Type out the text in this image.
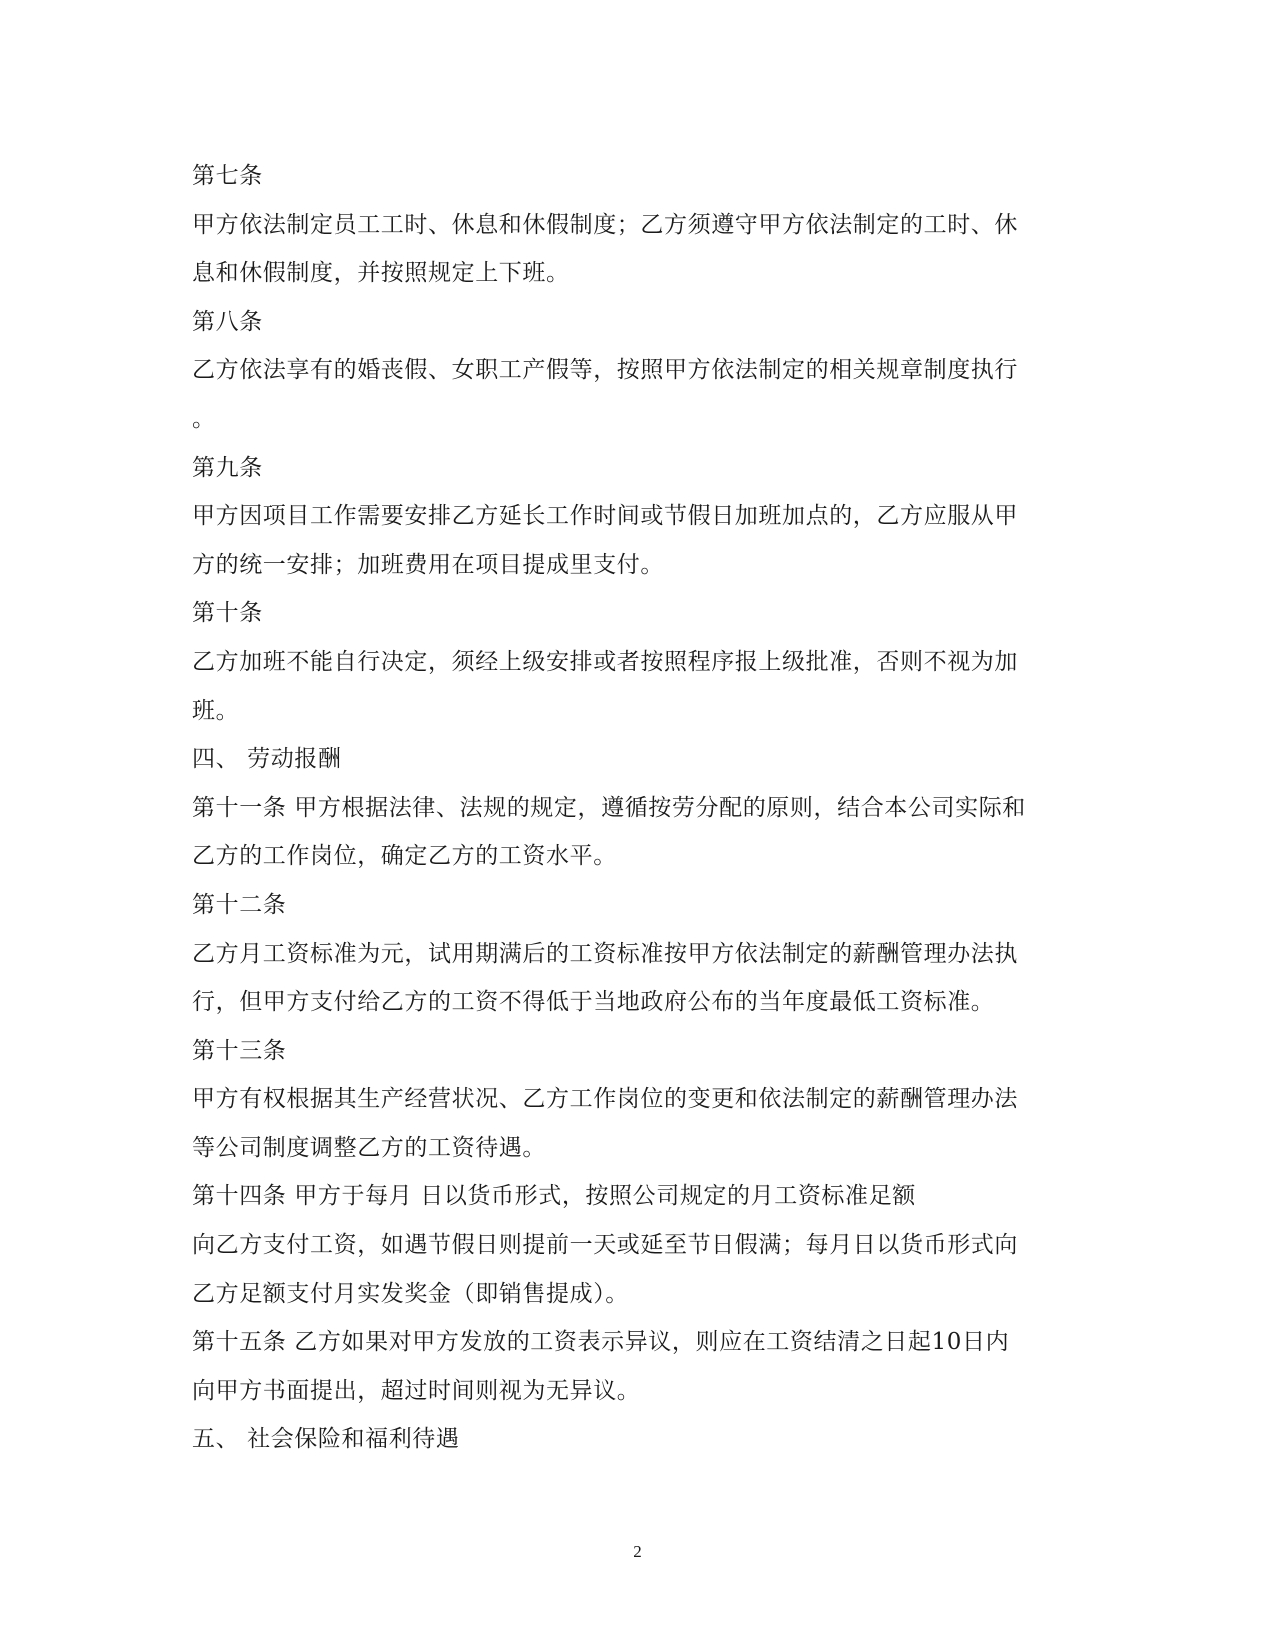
第七条
甲方依法制定员工工时、休息和休假制度；乙方须遵守甲方依法制定的工时、休
息和休假制度，并按照规定上下班。
第八条
乙方依法享有的婚丧假、女职工产假等，按照甲方依法制定的相关规章制度执行
。
第九条
甲方因项目工作需要安排乙方延长工作时间或节假日加班加点的，乙方应服从甲
方的统一安排；加班费用在项目提成里支付。
第十条
乙方加班不能自行决定，须经上级安排或者按照程序报上级批准，否则不视为加
班。
四、 劳动报酬
第十一条 甲方根据法律、法规的规定，遵循按劳分配的原则，结合本公司实际和
乙方的工作岗位，确定乙方的工资水平。
第十二条
乙方月工资标准为元，试用期满后的工资标准按甲方依法制定的薪酬管理办法执
行，但甲方支付给乙方的工资不得低于当地政府公布的当年度最低工资标准。
第十三条
甲方有权根据其生产经营状况、乙方工作岗位的变更和依法制定的薪酬管理办法
等公司制度调整乙方的工资待遇。
第十四条 甲方于每月 日以货币形式，按照公司规定的月工资标准足额
向乙方支付工资，如遇节假日则提前一天或延至节日假满；每月日以货币形式向
乙方足额支付月实发奖金（即销售提成）。
第十五条 乙方如果对甲方发放的工资表示异议，则应在工资结清之日起10日内
向甲方书面提出，超过时间则视为无异议。
五、 社会保险和福利待遇
2
